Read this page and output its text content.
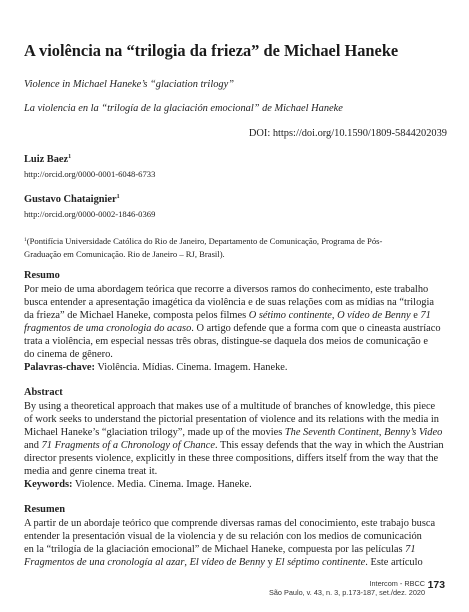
A violência na “trilogia da frieza” de Michael Haneke
Violence in Michael Haneke’s “glaciation trilogy”
La violencia en la “trilogía de la glaciación emocional” de Michael Haneke
DOI: https://doi.org/10.1590/1809-5844202039
Luiz Baez$^1$
http://orcid.org/0000-0001-6048-6733
Gustavo Chataignier$^1$
http://orcid.org/0000-0002-1846-0369
$^1$(Pontifícia Universidade Católica do Rio de Janeiro, Departamento de Comunicação, Programa de Pós-
Graduação em Comunicação. Rio de Janeiro – RJ, Brasil).
Resumo
Por meio de uma abordagem teórica que recorre a diversos ramos do conhecimento, este trabalho
busca entender a apresentação imagética da violência e de suas relações com as mídias na “trilogia
da frieza” de Michael Haneke, composta pelos filmes O sétimo continente, O vídeo de Benny e 71
fragmentos de uma cronologia do acaso. O artigo defende que a forma com que o cineasta austríaco
trata a violência, em especial nessas três obras, distingue-se daquela dos meios de comunicação e
do cinema de gênero.
Palavras-chave: Violência. Mídias. Cinema. Imagem. Haneke.
Abstract
By using a theoretical approach that makes use of a multitude of branches of knowledge, this piece
of work seeks to understand the pictorial presentation of violence and its relations with the media in
Michael Haneke’s “glaciation trilogy”, made up of the movies The Seventh Continent, Benny’s Video
and 71 Fragments of a Chronology of Chance. This essay defends that the way in which the Austrian
director presents violence, explicitly in these three compositions, differs itself from the way that the
media and genre cinema treat it.
Keywords: Violence. Media. Cinema. Image. Haneke.
Resumen
A partir de un abordaje teórico que comprende diversas ramas del conocimiento, este trabajo busca
entender la presentación visual de la violencia y de su relación con los medios de comunicación
en la “trilogía de la glaciación emocional” de Michael Haneke, compuesta por las películas 71
Fragmentos de una cronología al azar, El vídeo de Benny y El séptimo continente. Este artículo
Intercom - RBCC
São Paulo, v. 43, n. 3, p.173-187, set./dez. 2020
173
